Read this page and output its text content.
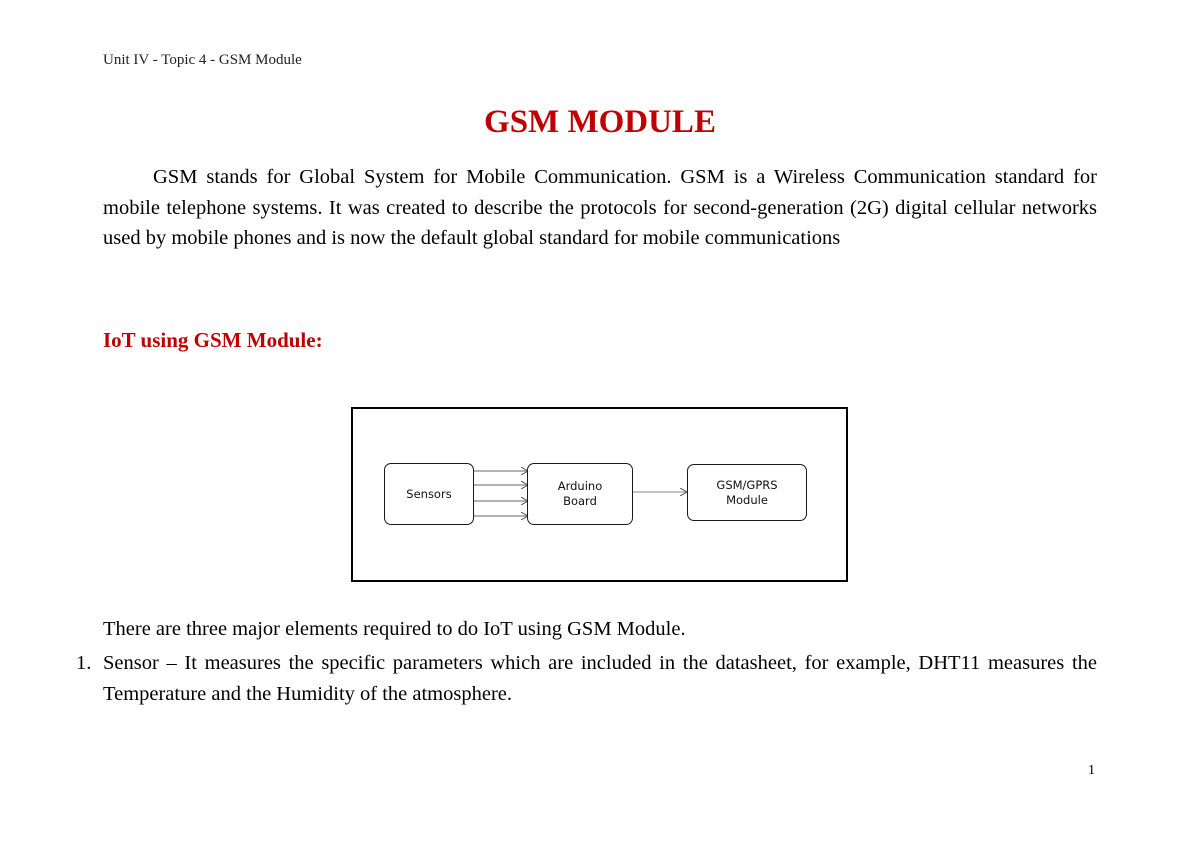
Unit IV - Topic 4 - GSM Module
GSM MODULE

GSM stands for Global System for Mobile Communication. GSM is a Wireless Communication standard for mobile telephone systems. It was created to describe the protocols for second-generation (2G) digital cellular networks used by mobile phones and is now the default global standard for mobile communications

IoT using GSM Module:
Sensors
Arduino
Board
GSM/GPRS
Module
There are three major elements required to do IoT using GSM Module.
1. Sensor – It measures the specific parameters which are included in the datasheet, for example, DHT11 measures the Temperature and the Humidity of the atmosphere.
1
